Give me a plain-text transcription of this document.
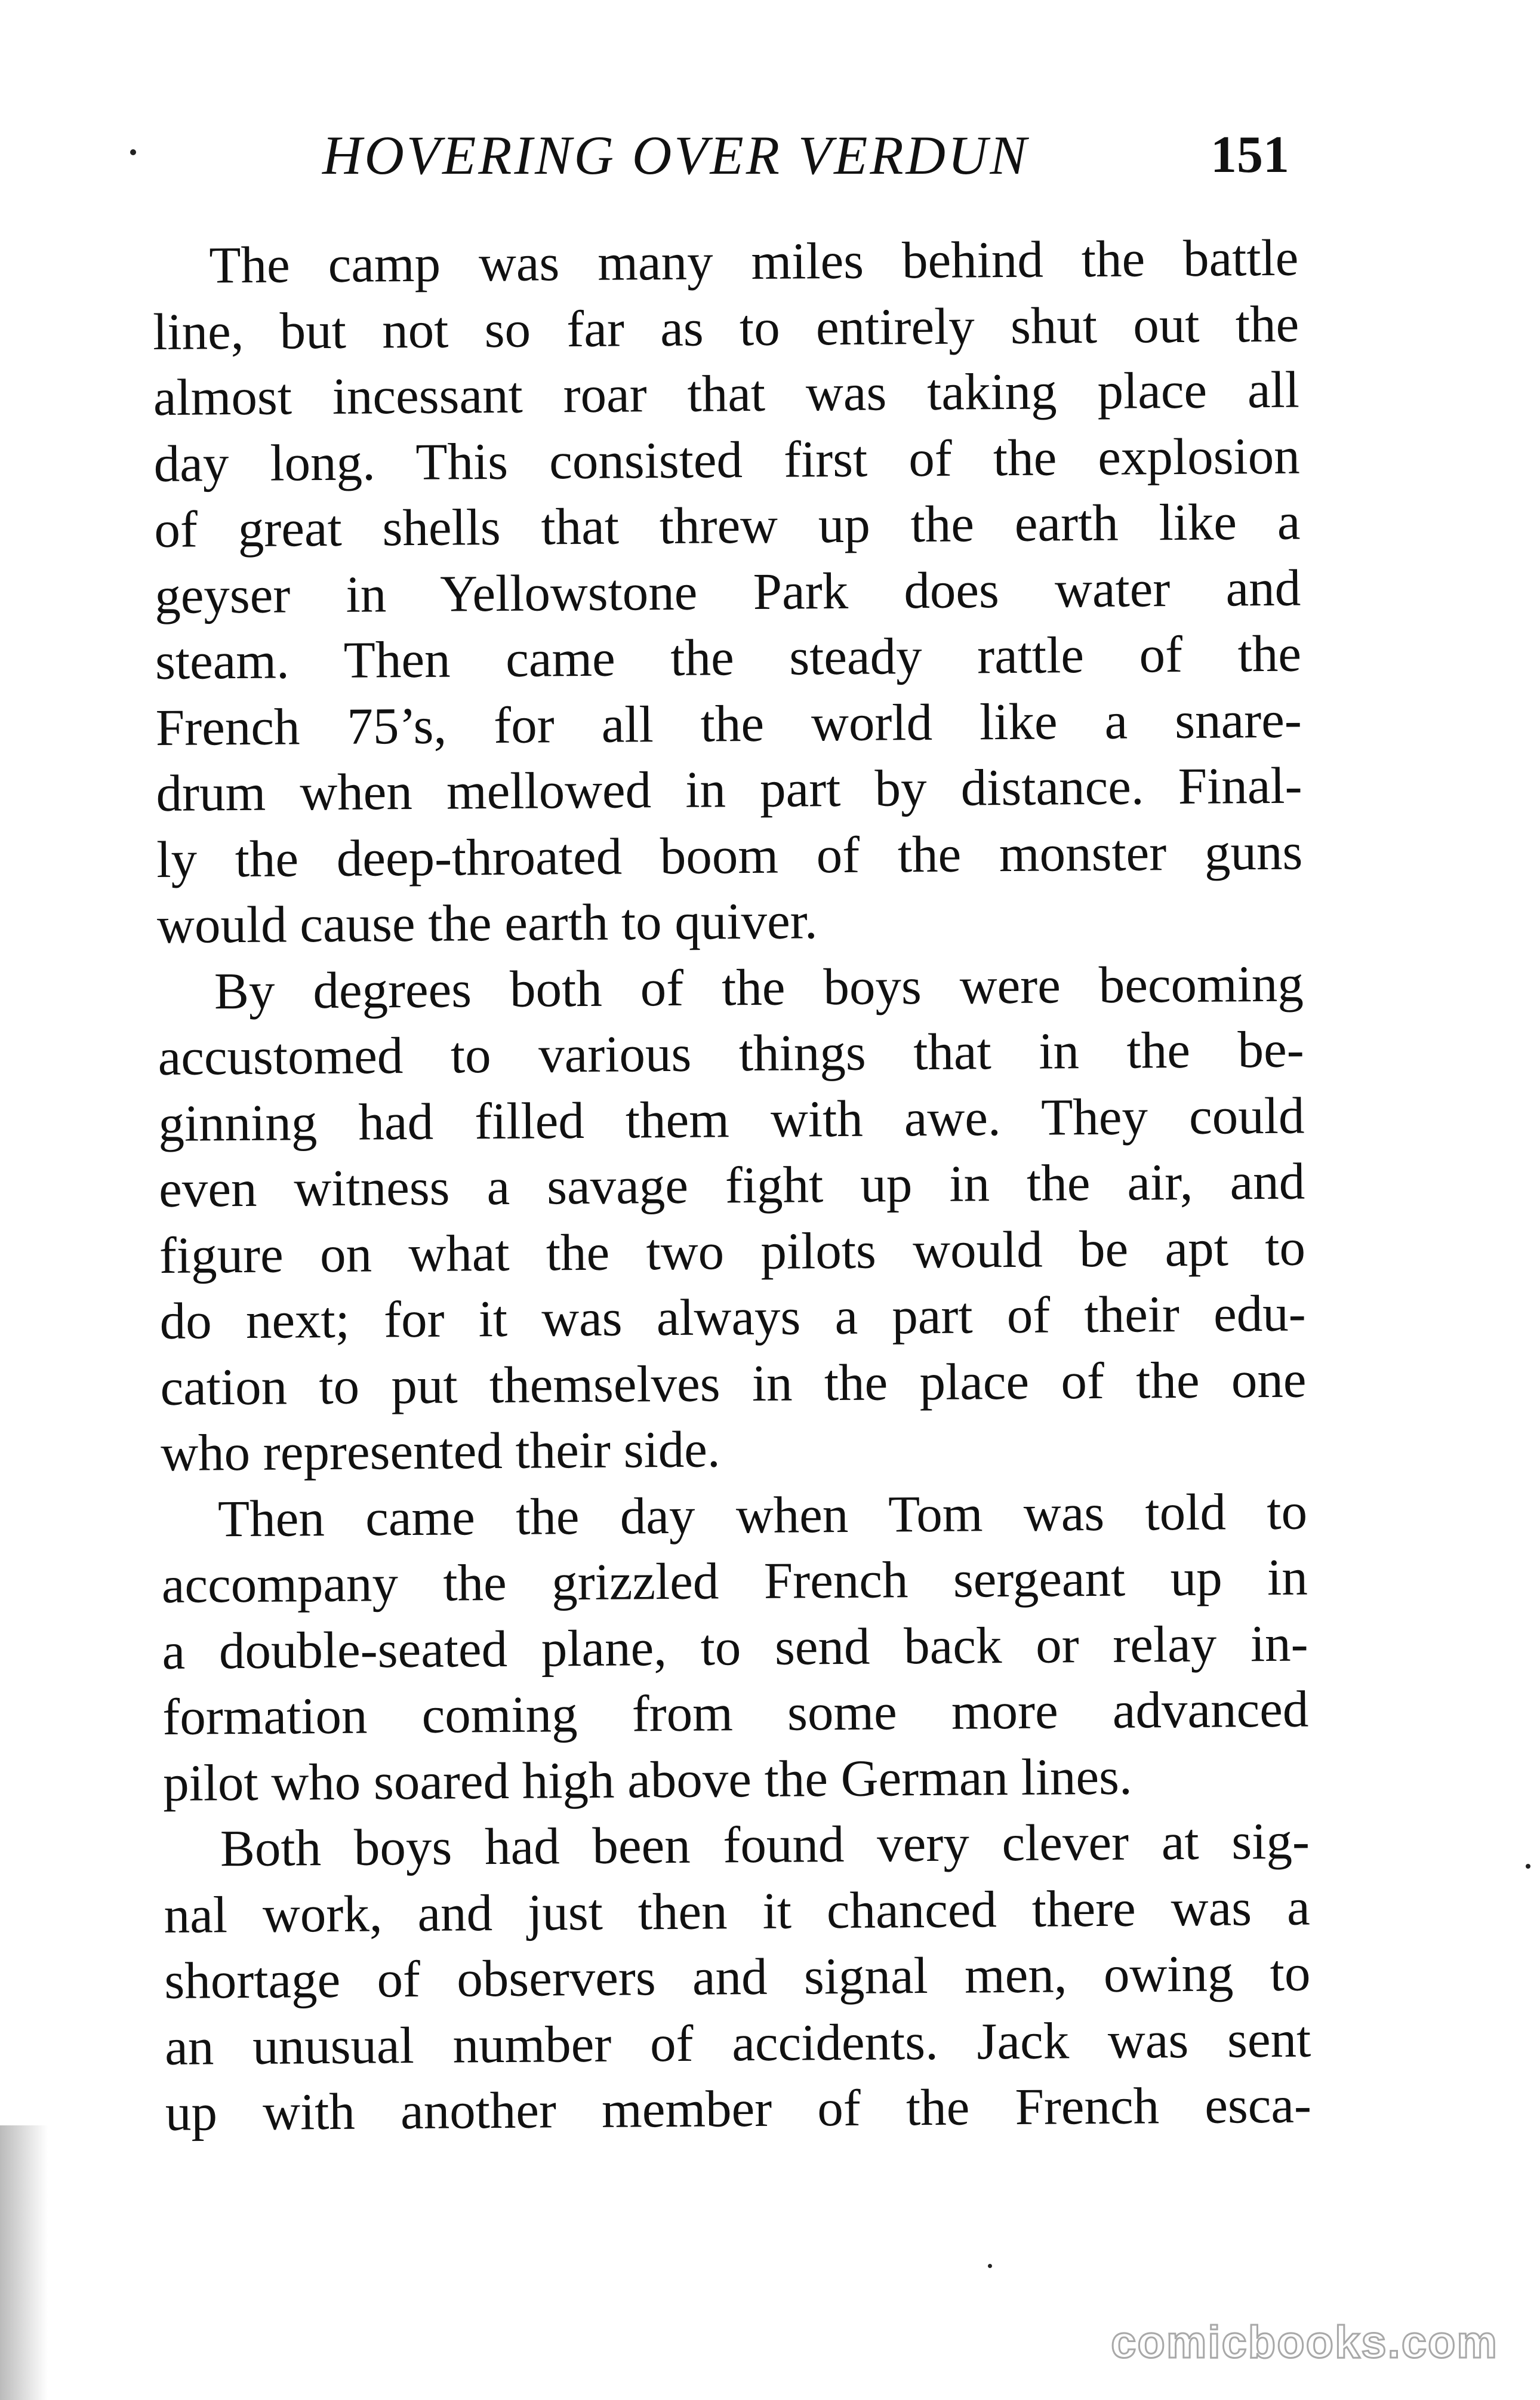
HOVERING OVER VERDUN	151
The camp was many miles behind the battle
line, but not so far as to entirely shut out the
almost incessant roar that was taking place all
day long. This consisted first of the explosion
of great shells that threw up the earth like a
geyser in Yellowstone Park does water and
steam. Then came the steady rattle of the
French 75’s, for all the world like a snare-
drum when mellowed in part by distance. Final-
ly the deep-throated boom of the monster guns
would cause the earth to quiver.
By degrees both of the boys were becoming
accustomed to various things that in the be-
ginning had filled them with awe. They could
even witness a savage fight up in the air, and
figure on what the two pilots would be apt to
do next; for it was always a part of their edu-
cation to put themselves in the place of the one
who represented their side.
Then came the day when Tom was told to
accompany the grizzled French sergeant up in
a double-seated plane, to send back or relay in-
formation coming from some more advanced
pilot who soared high above the German lines.
Both boys had been found very clever at sig-
nal work, and just then it chanced there was a
shortage of observers and signal men, owing to
an unusual number of accidents. Jack was sent
up with another member of the French esca-
comicbooks.com
